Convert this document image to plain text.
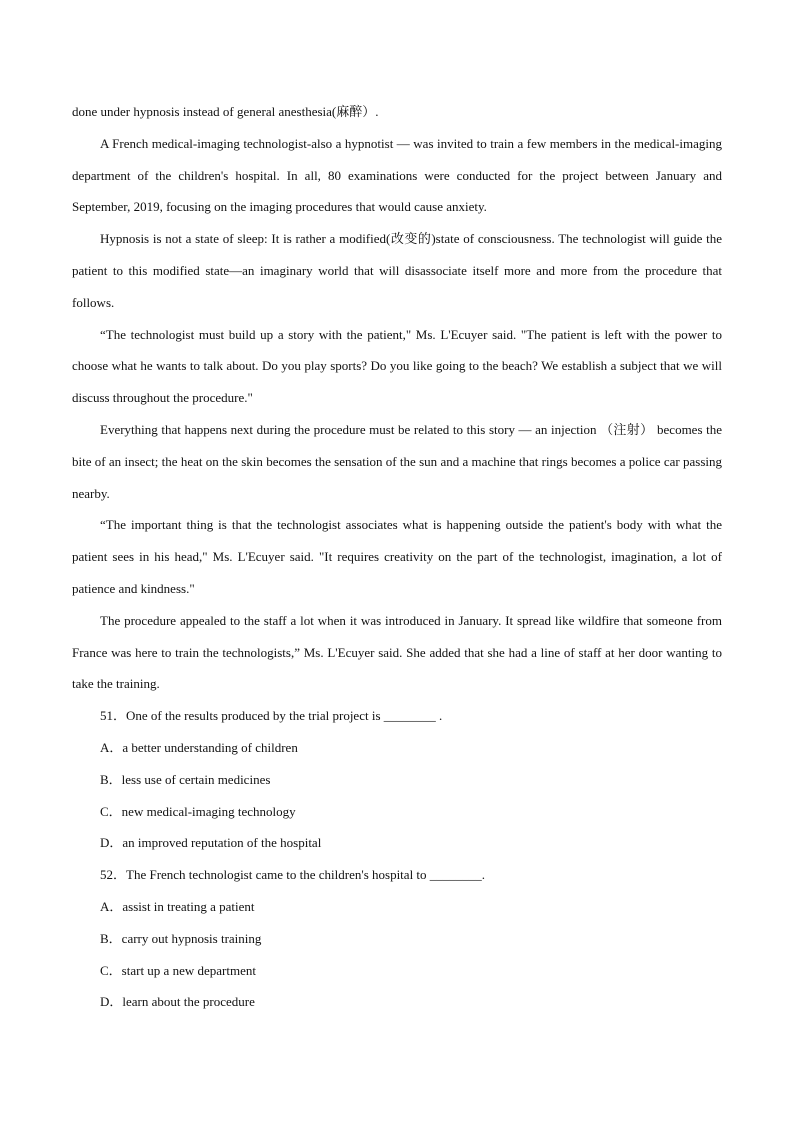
done under hypnosis instead of general anesthesia(麻醉）.

A French medical-imaging technologist-also a hypnotist — was invited to train a few members in the medical-imaging department of the children's hospital. In all, 80 examinations were conducted for the project between January and September, 2019, focusing on the imaging procedures that would cause anxiety.

Hypnosis is not a state of sleep: It is rather a modified(改变的)state of consciousness. The technologist will guide the patient to this modified state—an imaginary world that will disassociate itself more and more from the procedure that follows.

“The technologist must build up a story with the patient," Ms. L'Ecuyer said. "The patient is left with the power to choose what he wants to talk about. Do you play sports? Do you like going to the beach? We establish a subject that we will discuss throughout the procedure."

Everything that happens next during the procedure must be related to this story — an injection （注射） becomes the bite of an insect; the heat on the skin becomes the sensation of the sun and a machine that rings becomes a police car passing nearby.

“The important thing is that the technologist associates what is happening outside the patient's body with what the patient sees in his head," Ms. L'Ecuyer said. "It requires creativity on the part of the technologist, imagination, a lot of patience and kindness."

The procedure appealed to the staff a lot when it was introduced in January. It spread like wildfire that someone from France was here to train the technologists,” Ms. L'Ecuyer said. She added that she had a line of staff at her door wanting to take the training.

51．One of the results produced by the trial project is ________ .

A．a better understanding of children

B．less use of certain medicines

C．new medical-imaging technology

D．an improved reputation of the hospital

52．The French technologist came to the children's hospital to ________.

A．assist in treating a patient

B．carry out hypnosis training

C．start up a new department

D．learn about the procedure
